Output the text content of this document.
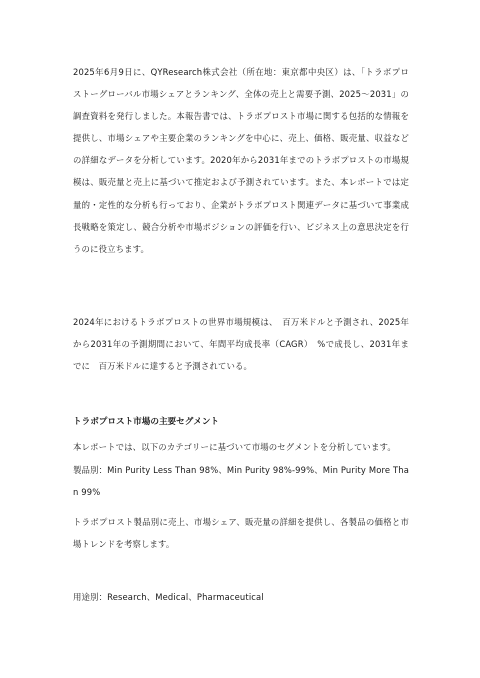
2025年6月9日に、QYResearch株式会社（所在地：東京都中央区）は、「トラボプロストーグローバル市場シェアとランキング、全体の売上と需要予測、2025～2031」の調査資料を発行しました。本報告書では、トラボプロスト市場に関する包括的な情報を提供し、市場シェアや主要企業のランキングを中心に、売上、価格、販売量、収益などの詳細なデータを分析しています。2020年から2031年までのトラボプロストの市場規模は、販売量と売上に基づいて推定および予測されています。また、本レポートでは定量的・定性的な分析も行っており、企業がトラボプロスト関連データに基づいて事業成長戦略を策定し、競合分析や市場ポジションの評価を行い、ビジネス上の意思決定を行うのに役立ちます。
2024年におけるトラボプロストの世界市場規模は、　百万米ドルと予測され、2025年から2031年の予測期間において、年間平均成長率（CAGR）　%で成長し、2031年までに　百万米ドルに達すると予測されている。
トラボプロスト市場の主要セグメント
本レポートでは、以下のカテゴリーに基づいて市場のセグメントを分析しています。
製品別：Min Purity Less Than 98%、Min Purity 98%-99%、Min Purity More Than 99%
トラボプロスト製品別に売上、市場シェア、販売量の詳細を提供し、各製品の価格と市場トレンドを考察します。
用途別：Research、Medical、Pharmaceutical
